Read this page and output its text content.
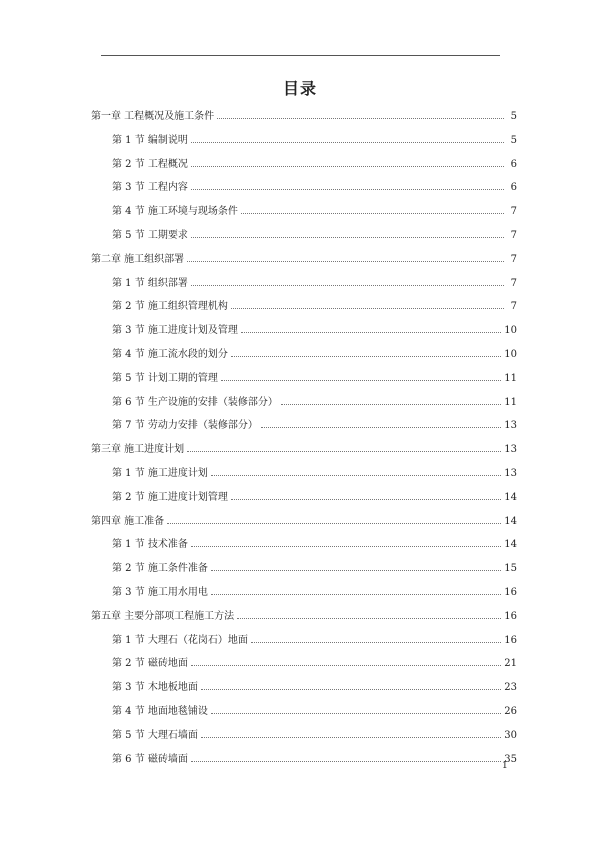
目录
第一章 工程概况及施工条件	5
第 1 节 编制说明	5
第 2 节 工程概况	6
第 3 节 工程内容	6
第 4 节 施工环境与现场条件	7
第 5 节 工期要求	7
第二章 施工组织部署	7
第 1 节 组织部署	7
第 2 节 施工组织管理机构	7
第 3 节 施工进度计划及管理	10
第 4 节 施工流水段的划分	10
第 5 节 计划工期的管理	11
第 6 节 生产设施的安排（装修部分）	11
第 7 节 劳动力安排（装修部分）	13
第三章 施工进度计划	13
第 1 节 施工进度计划	13
第 2 节 施工进度计划管理	14
第四章 施工准备	14
第 1 节 技术准备	14
第 2 节 施工条件准备	15
第 3 节 施工用水用电	16
第五章 主要分部项工程施工方法	16
第 1 节 大理石（花岗石）地面	16
第 2 节 磁砖地面	21
第 3 节 木地板地面	23
第 4 节 地面地毯铺设	26
第 5 节 大理石墙面	30
第 6 节 磁砖墙面	35
1
